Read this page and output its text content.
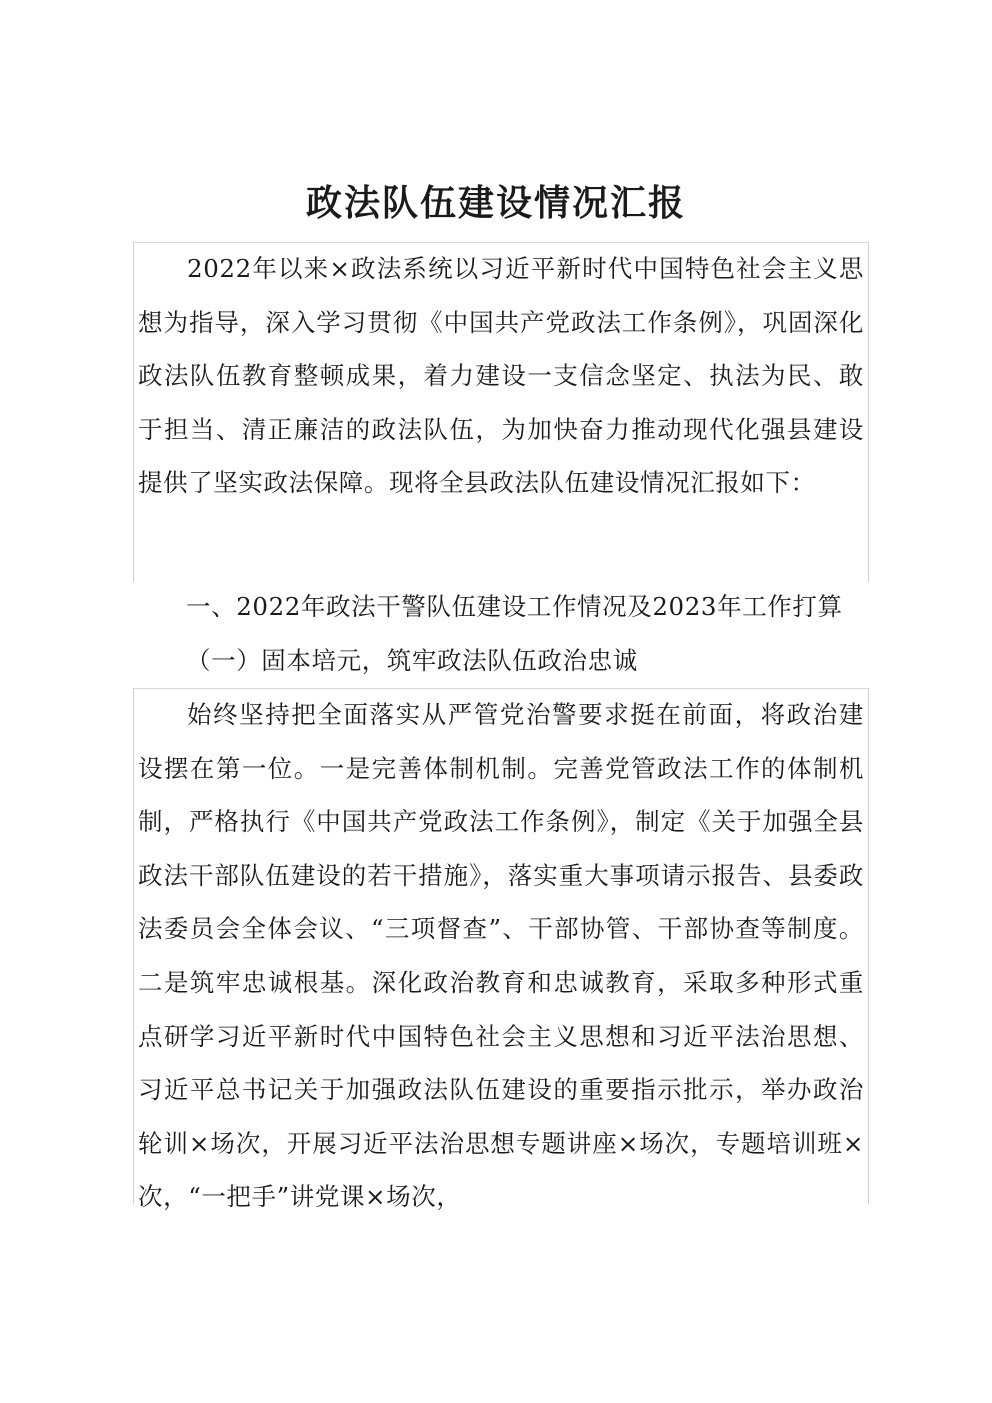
政法队伍建设情况汇报

2022年以来×政法系统以习近平新时代中国特色社会主义思想为指导，深入学习贯彻《中国共产党政法工作条例》，巩固深化政法队伍教育整顿成果，着力建设一支信念坚定、执法为民、敢于担当、清正廉洁的政法队伍，为加快奋力推动现代化强县建设提供了坚实政法保障。现将全县政法队伍建设情况汇报如下：

一、2022年政法干警队伍建设工作情况及2023年工作打算

（一）固本培元，筑牢政法队伍政治忠诚

始终坚持把全面落实从严管党治警要求挺在前面，将政治建设摆在第一位。一是完善体制机制。完善党管政法工作的体制机制，严格执行《中国共产党政法工作条例》，制定《关于加强全县政法干部队伍建设的若干措施》，落实重大事项请示报告、县委政法委员会全体会议、“三项督查”、干部协管、干部协查等制度。二是筑牢忠诚根基。深化政治教育和忠诚教育，采取多种形式重点研学习近平新时代中国特色社会主义思想和习近平法治思想、习近平总书记关于加强政法队伍建设的重要指示批示，举办政治轮训×场次，开展习近平法治思想专题讲座×场次，专题培训班×次，“一把手”讲党课×场次，
